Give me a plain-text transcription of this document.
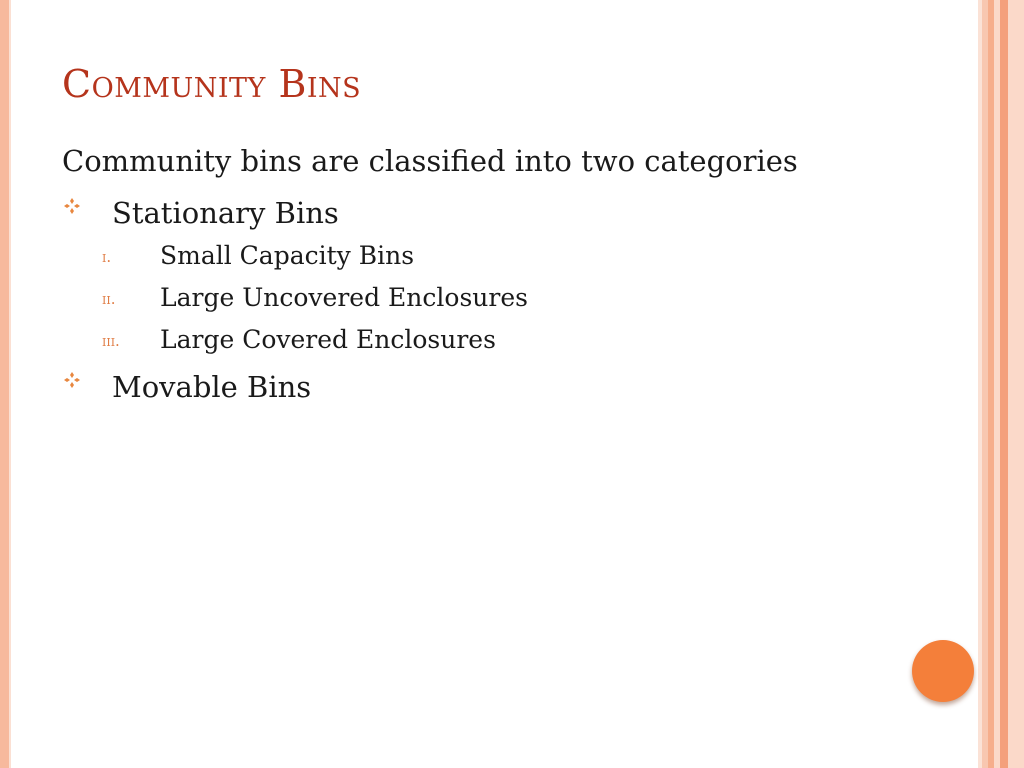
Community Bins

Community bins are classified into two categories

Stationary Bins
i. Small Capacity Bins
ii. Large Uncovered Enclosures
iii. Large Covered Enclosures
Movable Bins
